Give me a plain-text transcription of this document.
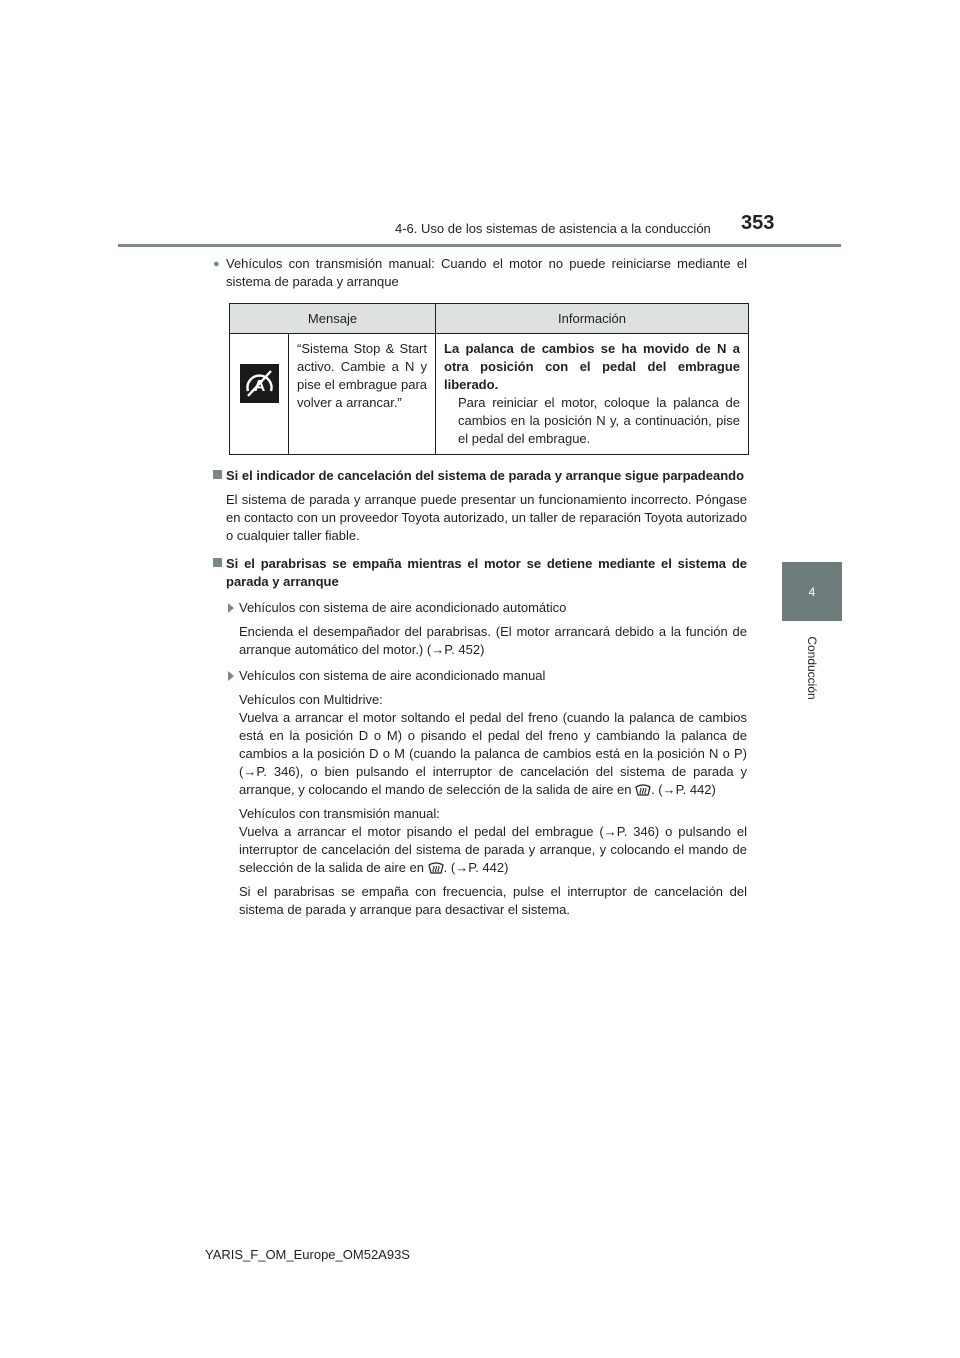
4-6. Uso de los sistemas de asistencia a la conducción 353
4
Conducción
● Vehículos con transmisión manual: Cuando el motor no puede reiniciarse mediante el sistema de parada y arranque
Mensaje		Información

A	“Sistema Stop & Start activo. Cambie a N y pise el embrague para volver a arrancar.”	La palanca de cambios se ha movido de N a otra posición con el pedal del embrague liberado.
Para reiniciar el motor, coloque la palanca de cambios en la posición N y, a continuación, pise el pedal del embrague.
Si el indicador de cancelación del sistema de parada y arranque sigue parpadeando
El sistema de parada y arranque puede presentar un funcionamiento incorrecto. Póngase en contacto con un proveedor Toyota autorizado, un taller de reparación Toyota autorizado o cualquier taller fiable.
Si el parabrisas se empaña mientras el motor se detiene mediante el sistema de parada y arranque
Vehículos con sistema de aire acondicionado automático
Encienda el desempañador del parabrisas. (El motor arrancará debido a la función de arranque automático del motor.) (→P. 452)
Vehículos con sistema de aire acondicionado manual
Vehículos con Multidrive:
Vuelva a arrancar el motor soltando el pedal del freno (cuando la palanca de cambios está en la posición D o M) o pisando el pedal del freno y cambiando la palanca de cambios a la posición D o M (cuando la palanca de cambios está en la posición N o P) (→P. 346), o bien pulsando el interruptor de cancelación del sistema de parada y arranque, y colocando el mando de selección de la salida de aire en . (→P. 442)
Vehículos con transmisión manual:
Vuelva a arrancar el motor pisando el pedal del embrague (→P. 346) o pulsando el interruptor de cancelación del sistema de parada y arranque, y colocando el mando de selección de la salida de aire en . (→P. 442)
Si el parabrisas se empaña con frecuencia, pulse el interruptor de cancelación del sistema de parada y arranque para desactivar el sistema.
YARIS_F_OM_Europe_OM52A93S
